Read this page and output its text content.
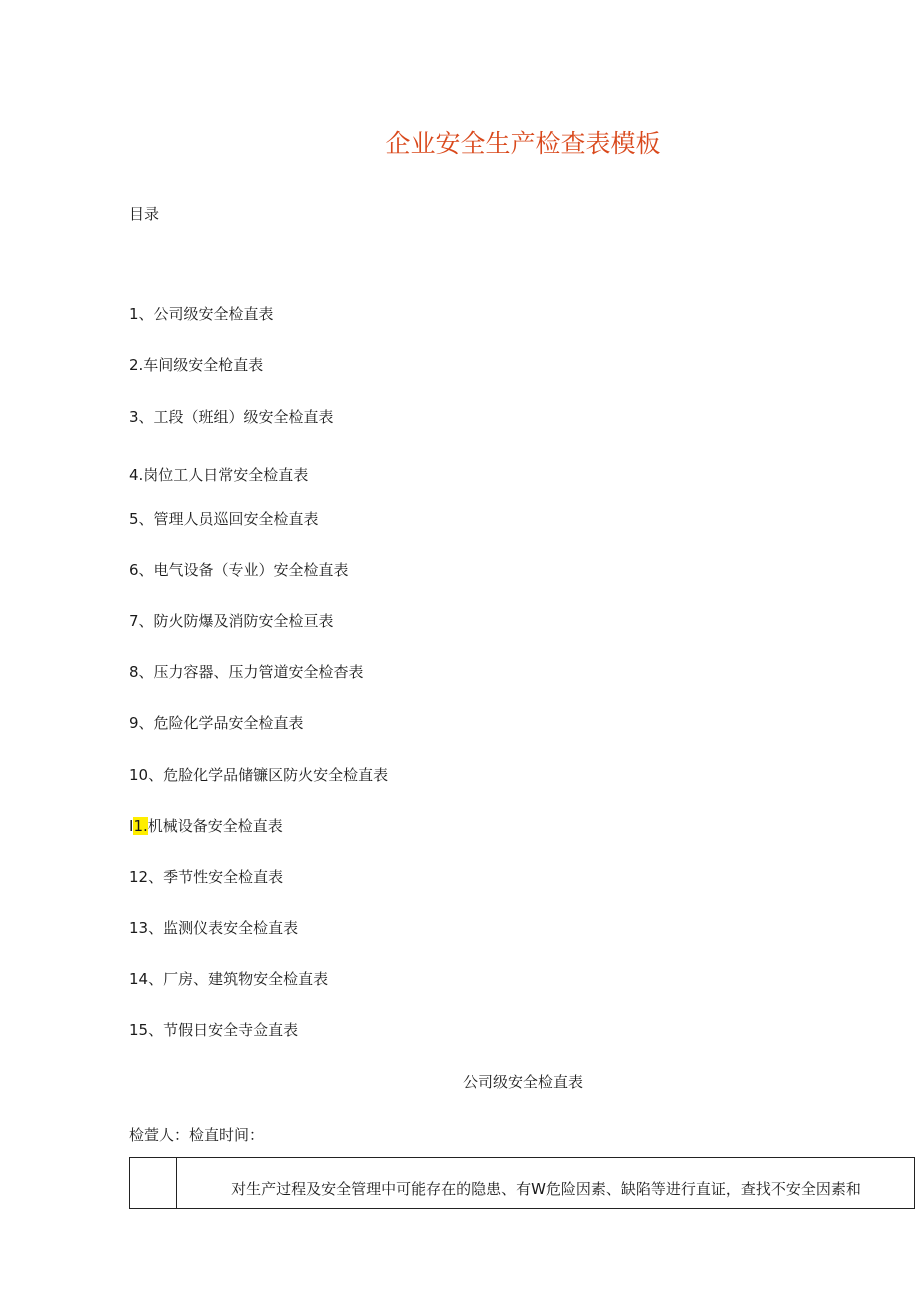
企业安全生产检查表模板
目录
1、公司级安全检直表
2.车间级安全枪直表
3、工段（班组）级安全检直表
4.岗位工人日常安全检直表
5、管理人员巡回安全检直表
6、电气设备（专业）安全检直表
7、防火防爆及消防安全检亘表
8、压力容器、压力管道安全检杳表
9、危险化学品安全检直表
10、危脸化学品储镰区防火安全检直表
I1.机械设备安全检直表
12、季节性安全检直表
13、监测仪表安全检直表
14、厂房、建筑物安全检直表
15、节假日安全寺佥直表
公司级安全检直表
检萱人：检直时间：
对生产过程及安全管理中可能存在的隐患、有W危险因素、缺陷等进行直证，查找不安全因素和
